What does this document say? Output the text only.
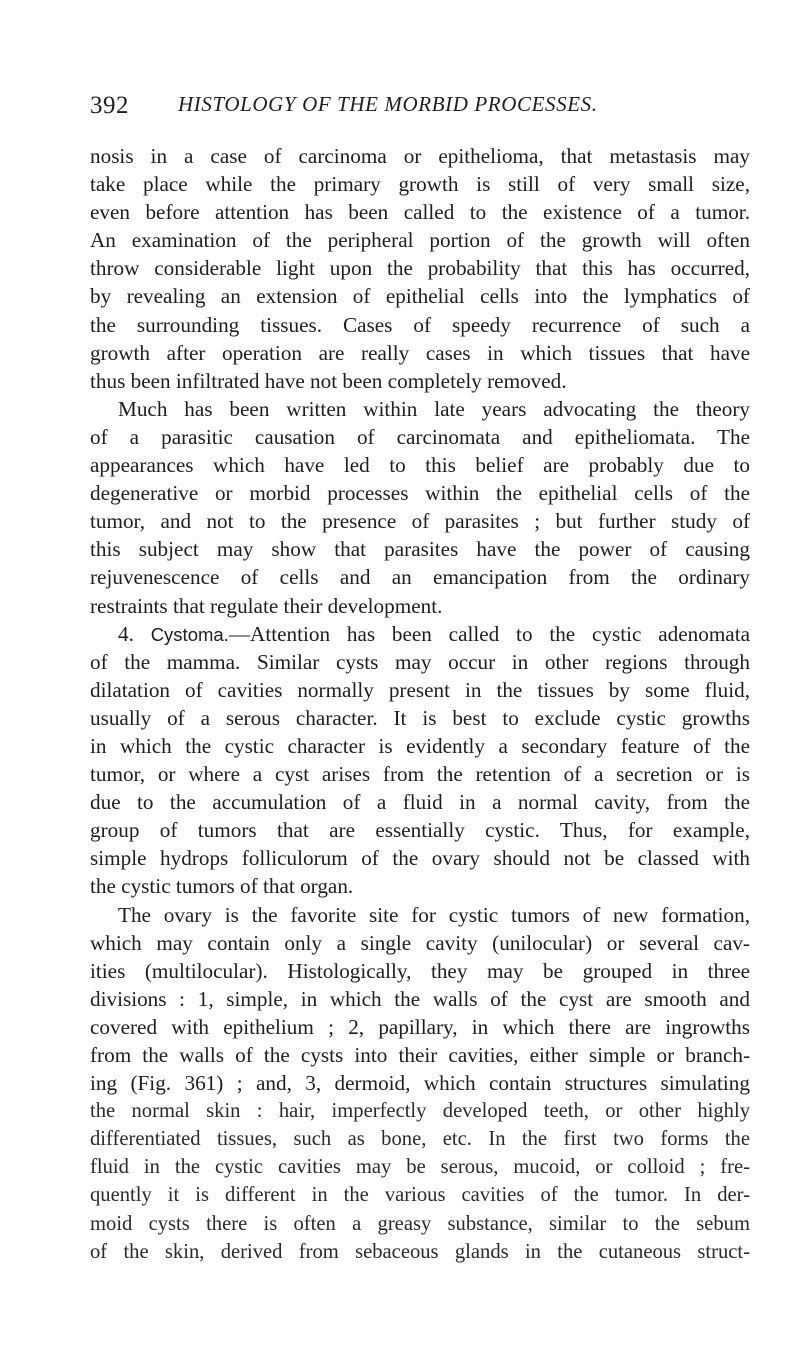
392 HISTOLOGY OF THE MORBID PROCESSES.
nosis in a case of carcinoma or epithelioma, that metastasis may
take place while the primary growth is still of very small size,
even before attention has been called to the existence of a tumor.
An examination of the peripheral portion of the growth will often
throw considerable light upon the probability that this has occurred,
by revealing an extension of epithelial cells into the lymphatics of
the surrounding tissues. Cases of speedy recurrence of such a
growth after operation are really cases in which tissues that have
thus been infiltrated have not been completely removed.
Much has been written within late years advocating the theory
of a parasitic causation of carcinomata and epitheliomata. The
appearances which have led to this belief are probably due to
degenerative or morbid processes within the epithelial cells of the
tumor, and not to the presence of parasites ; but further study of
this subject may show that parasites have the power of causing
rejuvenescence of cells and an emancipation from the ordinary
restraints that regulate their development.
4. Cystoma.—Attention has been called to the cystic adenomata
of the mamma. Similar cysts may occur in other regions through
dilatation of cavities normally present in the tissues by some fluid,
usually of a serous character. It is best to exclude cystic growths
in which the cystic character is evidently a secondary feature of the
tumor, or where a cyst arises from the retention of a secretion or is
due to the accumulation of a fluid in a normal cavity, from the
group of tumors that are essentially cystic. Thus, for example,
simple hydrops folliculorum of the ovary should not be classed with
the cystic tumors of that organ.
The ovary is the favorite site for cystic tumors of new formation,
which may contain only a single cavity (unilocular) or several cav-
ities (multilocular). Histologically, they may be grouped in three
divisions : 1, simple, in which the walls of the cyst are smooth and
covered with epithelium ; 2, papillary, in which there are ingrowths
from the walls of the cysts into their cavities, either simple or branch-
ing (Fig. 361) ; and, 3, dermoid, which contain structures simulating
the normal skin : hair, imperfectly developed teeth, or other highly
differentiated tissues, such as bone, etc. In the first two forms the
fluid in the cystic cavities may be serous, mucoid, or colloid ; fre-
quently it is different in the various cavities of the tumor. In der-
moid cysts there is often a greasy substance, similar to the sebum
of the skin, derived from sebaceous glands in the cutaneous struct-
